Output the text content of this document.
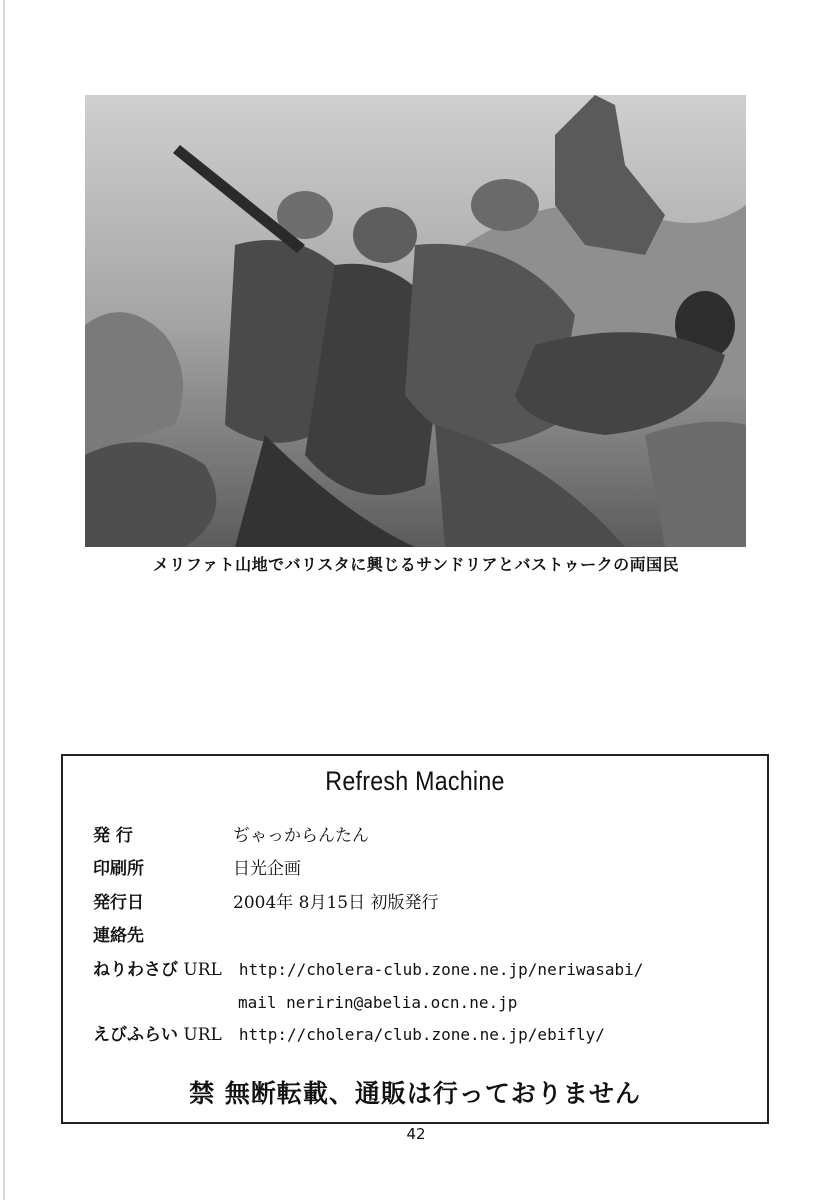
メリファト山地でバリスタに興じるサンドリアとバストゥークの両国民
Refresh Machine
発 行	ぢゃっからんたん
印刷所	日光企画
発行日	2004年 8月15日 初版発行
連絡先
ねりわさび URL http://cholera-club.zone.ne.jp/neriwasabi/
mail neririn@abelia.ocn.ne.jp
えびふらい URL http://cholera/club.zone.ne.jp/ebifly/
禁 無断転載、通販は行っておりません
42
